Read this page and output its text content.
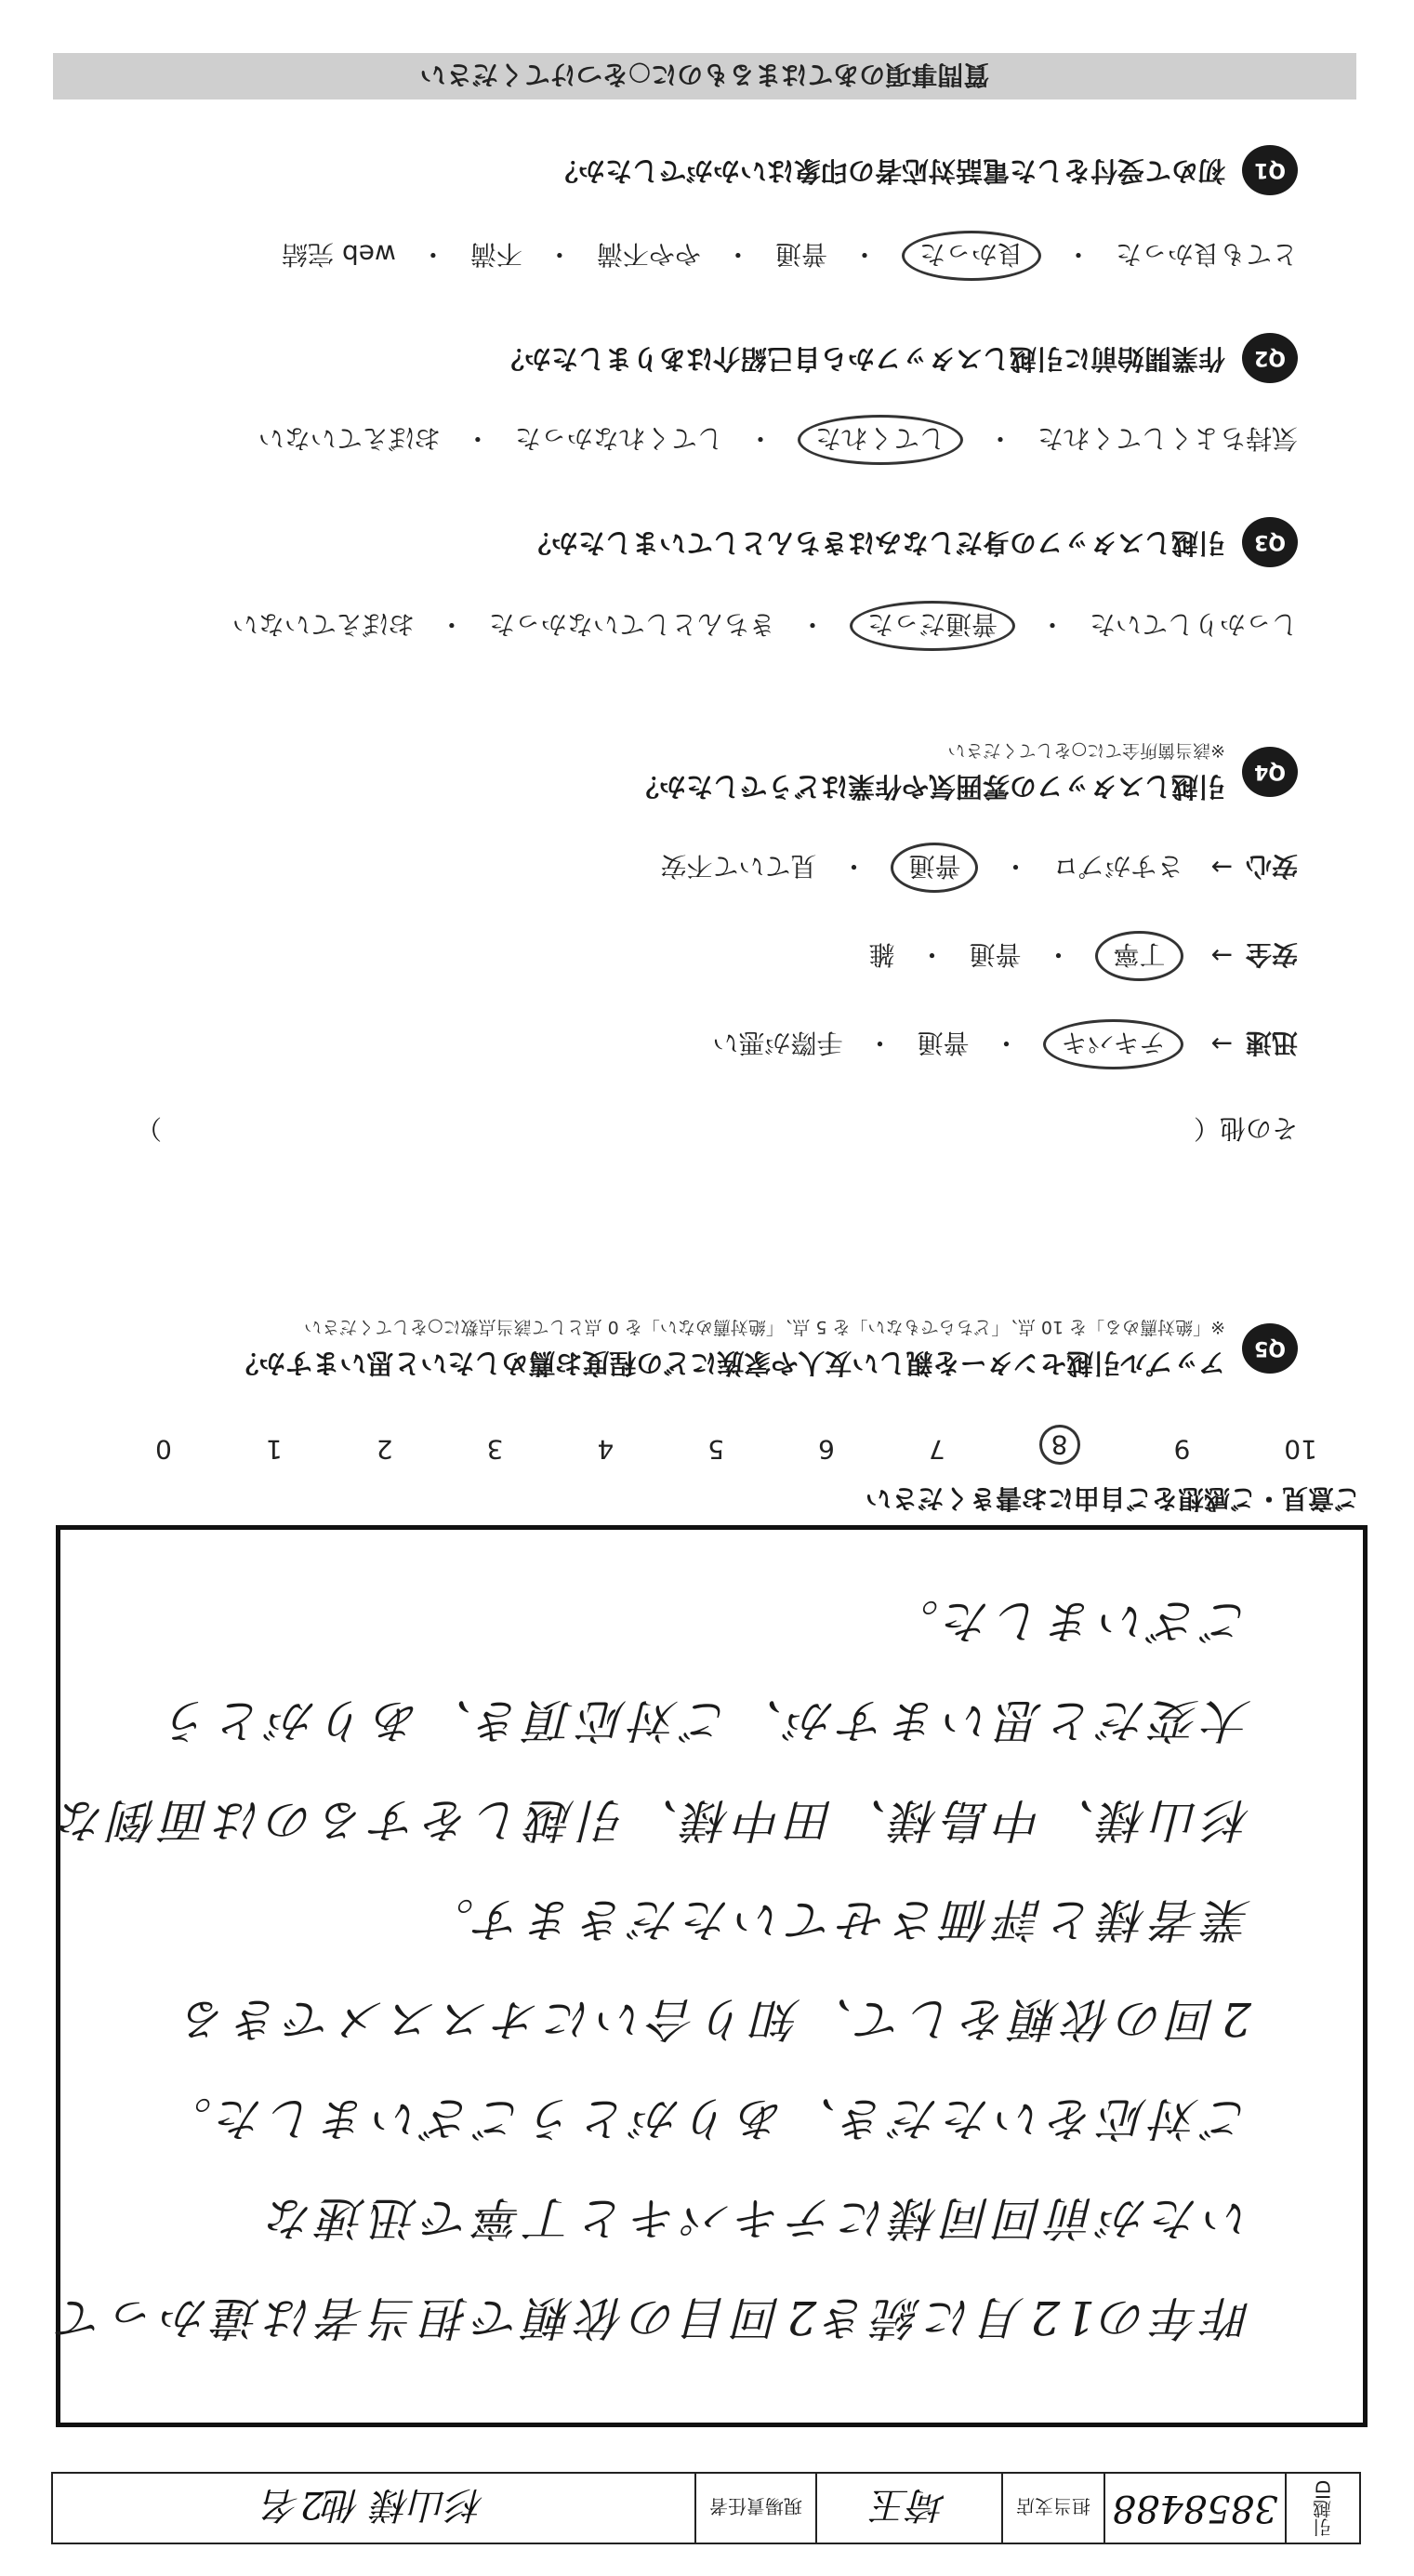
引越ID
3858488
担当支店
埼玉
現場責任者
杉山様 他2名
ご意見・ご感想をご自由にお書きください
昨年の12月に続き2回目の依頼で担当者は違かって
いたが前回同様にテキパキと丁寧で迅速な
ご対応をいただき、ありがとうございました。
2回の依頼をして、知り合いにオススメできる
業者様と評価させていただきます。
杉山様、中島様、田中様、引越しをするのは面倒な
大変だと思いますが、ご対応頂き、ありがとう
ございました。
10
9
8
7
6
5
4
3
2
1
0
Q5
アップル引越センターを親しい友人や家族にどの程度お薦めしたいと思いますか？
※「絶対薦める」を 10 点、「どちらでもない」を 5 点、「絶対薦めない」を 0 点として該当点数に○をしてください
その他（
）
迅速
→
テキパキ
・
普通
・
手際が悪い
安全
→
丁寧
・
普通
・
雑
安心
→
さすがプロ
・
普通
・
見ていて不安
Q4
引越しスタッフの雰囲気や作業はどうでしたか？
※該当箇所全てに○をしてください
しっかりしていた
・
普通だった
・
きちんとしていなかった
・
おぼえていない
Q3
引越しスタッフの身だしなみはきちんとしていましたか？
気持ちよくしてくれた
・
してくれた
・
してくれなかった
・
おぼえていない
Q2
作業開始前に引越しスタッフから自己紹介はありましたか？
とても良かった
・
良かった
・
普通
・
やや不満
・
不満
・
web 完結
Q1
初めて受付をした電話対応者の印象はいかがでしたか？
質問事項のあてはまるものに○をつけてください
